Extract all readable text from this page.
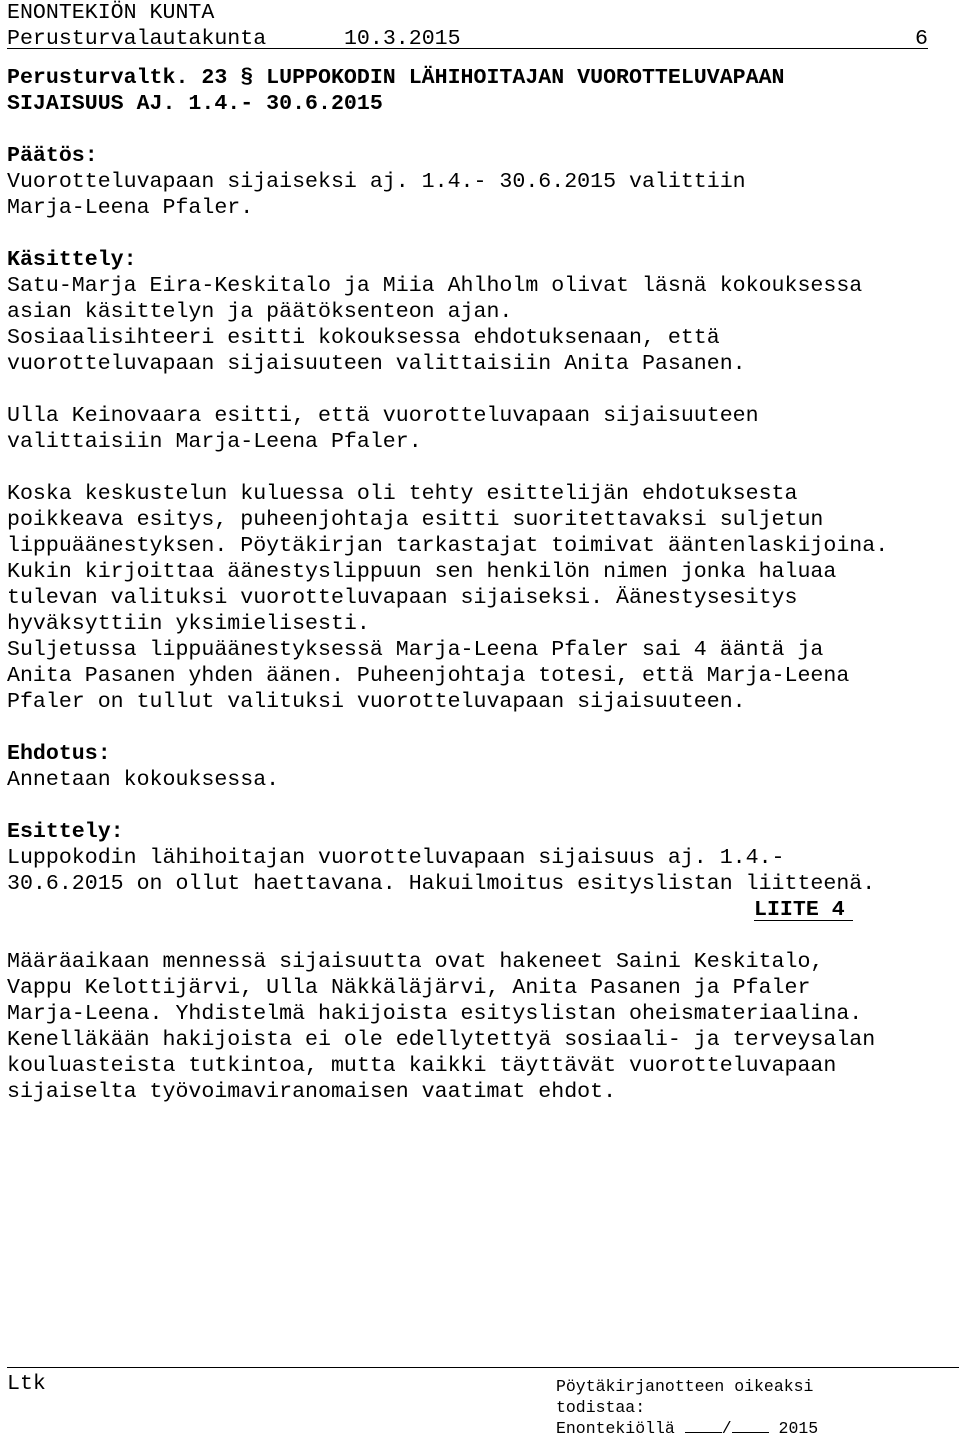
ENONTEKIÖN KUNTA

Perusturvalautakunta	10.3.2015

	6

Perusturvaltk. 23 § LUPPOKODIN LÄHIHOITAJAN VUOROTTELUVAPAAN

SIJAISUUS AJ. 1.4.- 30.6.2015

Päätös:

Vuorotteluvapaan sijaiseksi aj. 1.4.- 30.6.2015 valittiin

Marja-Leena Pfaler.

Käsittely:

Satu-Marja Eira-Keskitalo ja Miia Ahlholm olivat läsnä kokouksessa

asian käsittelyn ja päätöksenteon ajan.

Sosiaalisihteeri esitti kokouksessa ehdotuksenaan, että

vuorotteluvapaan sijaisuuteen valittaisiin Anita Pasanen.

Ulla Keinovaara esitti, että vuorotteluvapaan sijaisuuteen

valittaisiin Marja-Leena Pfaler.

Koska keskustelun kuluessa oli tehty esittelijän ehdotuksesta

poikkeava esitys, puheenjohtaja esitti suoritettavaksi suljetun

lippuäänestyksen. Pöytäkirjan tarkastajat toimivat ääntenlaskijoina.

Kukin kirjoittaa äänestyslippuun sen henkilön nimen jonka haluaa

tulevan valituksi vuorotteluvapaan sijaiseksi. Äänestysesitys

hyväksyttiin yksimielisesti.

Suljetussa lippuäänestyksessä Marja-Leena Pfaler sai 4 ääntä ja

Anita Pasanen yhden äänen. Puheenjohtaja totesi, että Marja-Leena

Pfaler on tullut valituksi vuorotteluvapaan sijaisuuteen.

Ehdotus:

Annetaan kokouksessa.

Esittely:

Luppokodin lähihoitajan vuorotteluvapaan sijaisuus aj. 1.4.-

30.6.2015 on ollut haettavana. Hakuilmoitus esityslistan liitteenä.

LIITE 4

Määräaikaan mennessä sijaisuutta ovat hakeneet Saini Keskitalo,

Vappu Kelottijärvi, Ulla Näkkäläjärvi, Anita Pasanen ja Pfaler

Marja-Leena. Yhdistelmä hakijoista esityslistan oheismateriaalina.

Kenelläkään hakijoista ei ole edellytettyä sosiaali- ja terveysalan

kouluasteista tutkintoa, mutta kaikki täyttävät vuorotteluvapaan

sijaiselta työvoimaviranomaisen vaatimat ehdot.

Ltk	Pöytäkirjanotteen oikeaksi

todistaa:

Enontekiöllä	/	2015
